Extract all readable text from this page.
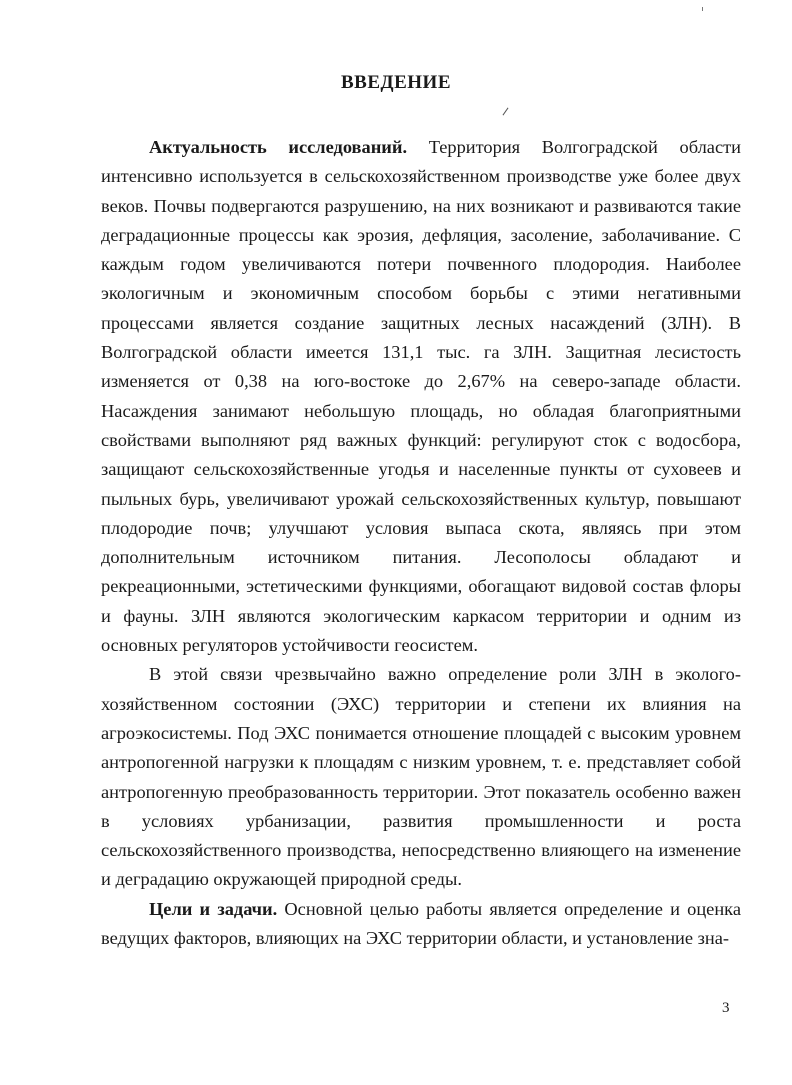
ВВЕДЕНИЕ

Актуальность исследований. Территория Волгоградской области интенсивно используется в сельскохозяйственном производстве уже более двух веков. Почвы подвергаются разрушению, на них возникают и развиваются такие деградационные процессы как эрозия, дефляция, засоление, заболачивание. С каждым годом увеличиваются потери почвенного плодородия. Наиболее экологичным и экономичным способом борьбы с этими негативными процессами является создание защитных лесных насаждений (ЗЛН). В Волгоградской области имеется 131,1 тыс. га ЗЛН. Защитная лесистость изменяется от 0,38 на юго-востоке до 2,67% на северо-западе области. Насаждения занимают небольшую площадь, но обладая благоприятными свойствами выполняют ряд важных функций: регулируют сток с водосбора, защищают сельскохозяйственные угодья и населенные пункты от суховеев и пыльных бурь, увеличивают урожай сельскохозяйственных культур, повышают плодородие почв; улучшают условия выпаса скота, являясь при этом дополнительным источником питания. Лесополосы обладают и рекреационными, эстетическими функциями, обогащают видовой состав флоры и фауны. ЗЛН являются экологическим каркасом территории и одним из основных регуляторов устойчивости геосистем.

В этой связи чрезвычайно важно определение роли ЗЛН в эколого-хозяйственном состоянии (ЭХС) территории и степени их влияния на агроэкосистемы. Под ЭХС понимается отношение площадей с высоким уровнем антропогенной нагрузки к площадям с низким уровнем, т. е. представляет собой антропогенную преобразованность территории. Этот показатель особенно важен в условиях урбанизации, развития промышленности и роста сельскохозяйственного производства, непосредственно влияющего на изменение и деградацию окружающей природной среды.

Цели и задачи. Основной целью работы является определение и оценка ведущих факторов, влияющих на ЭХС территории области, и установление зна-

3
